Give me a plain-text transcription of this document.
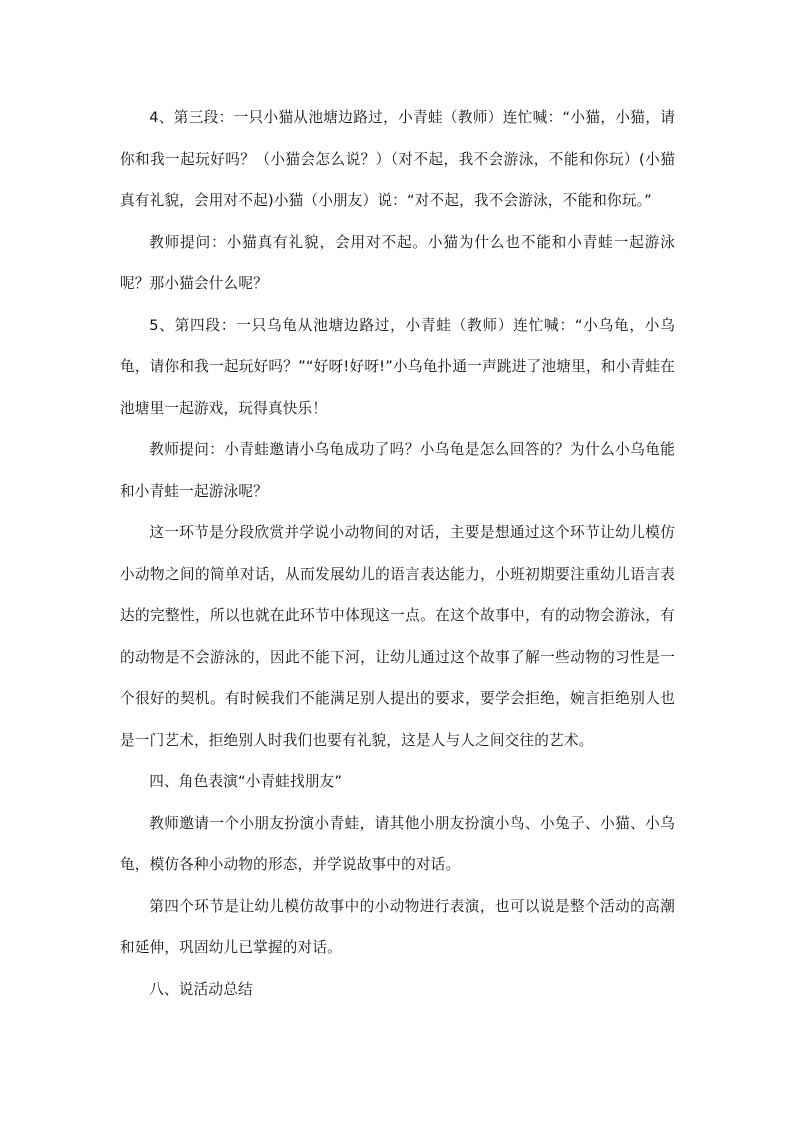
4、第三段：一只小猫从池塘边路过，小青蛙（教师）连忙喊：“小猫，小猫，请你和我一起玩好吗？（小猫会怎么说？）（对不起，我不会游泳，不能和你玩）(小猫真有礼貌，会用对不起)小猫（小朋友）说：“对不起，我不会游泳，不能和你玩。”

教师提问：小猫真有礼貌，会用对不起。小猫为什么也不能和小青蛙一起游泳呢？那小猫会什么呢？

5、第四段：一只乌龟从池塘边路过，小青蛙（教师）连忙喊：“小乌龟，小乌龟，请你和我一起玩好吗？”“好呀!好呀!”小乌龟扑通一声跳进了池塘里，和小青蛙在池塘里一起游戏，玩得真快乐！

教师提问：小青蛙邀请小乌龟成功了吗？小乌龟是怎么回答的？为什么小乌龟能和小青蛙一起游泳呢？

这一环节是分段欣赏并学说小动物间的对话，主要是想通过这个环节让幼儿模仿小动物之间的简单对话，从而发展幼儿的语言表达能力，小班初期要注重幼儿语言表达的完整性，所以也就在此环节中体现这一点。在这个故事中，有的动物会游泳，有的动物是不会游泳的，因此不能下河，让幼儿通过这个故事了解一些动物的习性是一个很好的契机。有时候我们不能满足别人提出的要求，要学会拒绝，婉言拒绝别人也是一门艺术，拒绝别人时我们也要有礼貌，这是人与人之间交往的艺术。

四、角色表演“小青蛙找朋友”

教师邀请一个小朋友扮演小青蛙，请其他小朋友扮演小鸟、小兔子、小猫、小乌龟，模仿各种小动物的形态，并学说故事中的对话。

第四个环节是让幼儿模仿故事中的小动物进行表演，也可以说是整个活动的高潮和延伸，巩固幼儿已掌握的对话。

八、说活动总结
